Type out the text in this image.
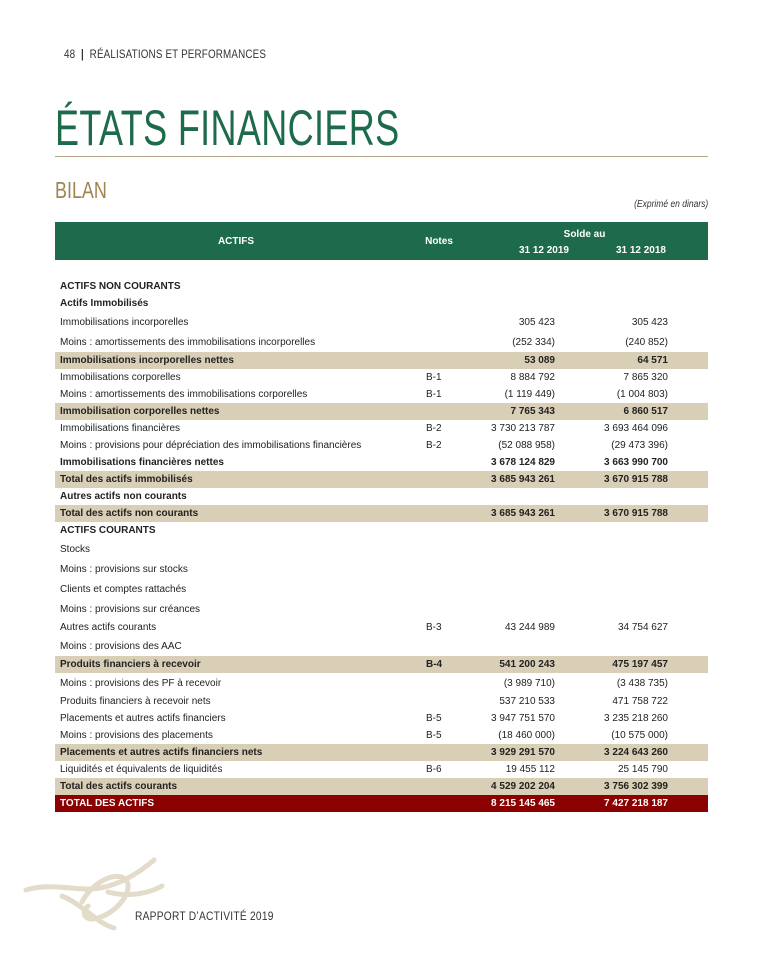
48 | RÉALISATIONS ET PERFORMANCES
ÉTATS FINANCIERS
BILAN
(Exprimé en dinars)
ACTIFS	Notes	Solde au	
		31 12 2019	31 12 2018

ACTIFS NON COURANTS			
Actifs Immobilisés			
Immobilisations incorporelles		305 423	305 423
Moins : amortissements des immobilisations incorporelles		(252 334)	(240 852)
Immobilisations incorporelles nettes		53 089	64 571
Immobilisations corporelles	B-1	8 884 792	7 865 320
Moins : amortissements des immobilisations corporelles	B-1	(1 119 449)	(1 004 803)
Immobilisation corporelles nettes		7 765 343	6 860 517
Immobilisations financières	B-2	3 730 213 787	3 693 464 096
Moins : provisions pour dépréciation des immobilisations financières	B-2	(52 088 958)	(29 473 396)
Immobilisations financières nettes		3 678 124 829	3 663 990 700
Total des actifs immobilisés		3 685 943 261	3 670 915 788
Autres actifs non courants			
Total des actifs non courants		3 685 943 261	3 670 915 788
ACTIFS COURANTS			
Stocks			
Moins : provisions sur stocks			
Clients et comptes rattachés			
Moins : provisions sur créances			
Autres actifs courants	B-3	43 244 989	34 754 627
Moins : provisions des AAC			
Produits financiers à recevoir	B-4	541 200 243	475 197 457
Moins : provisions des PF à recevoir		(3 989 710)	(3 438 735)
Produits financiers à recevoir nets		537 210 533	471 758 722
Placements et autres actifs financiers	B-5	3 947 751 570	3 235 218 260
Moins : provisions des placements	B-5	(18 460 000)	(10 575 000)
Placements et autres actifs financiers nets		3 929 291 570	3 224 643 260
Liquidités et équivalents de liquidités	B-6	19 455 112	25 145 790
Total des actifs courants		4 529 202 204	3 756 302 399
TOTAL DES ACTIFS		8 215 145 465	7 427 218 187
RAPPORT D’ACTIVITÉ 2019
